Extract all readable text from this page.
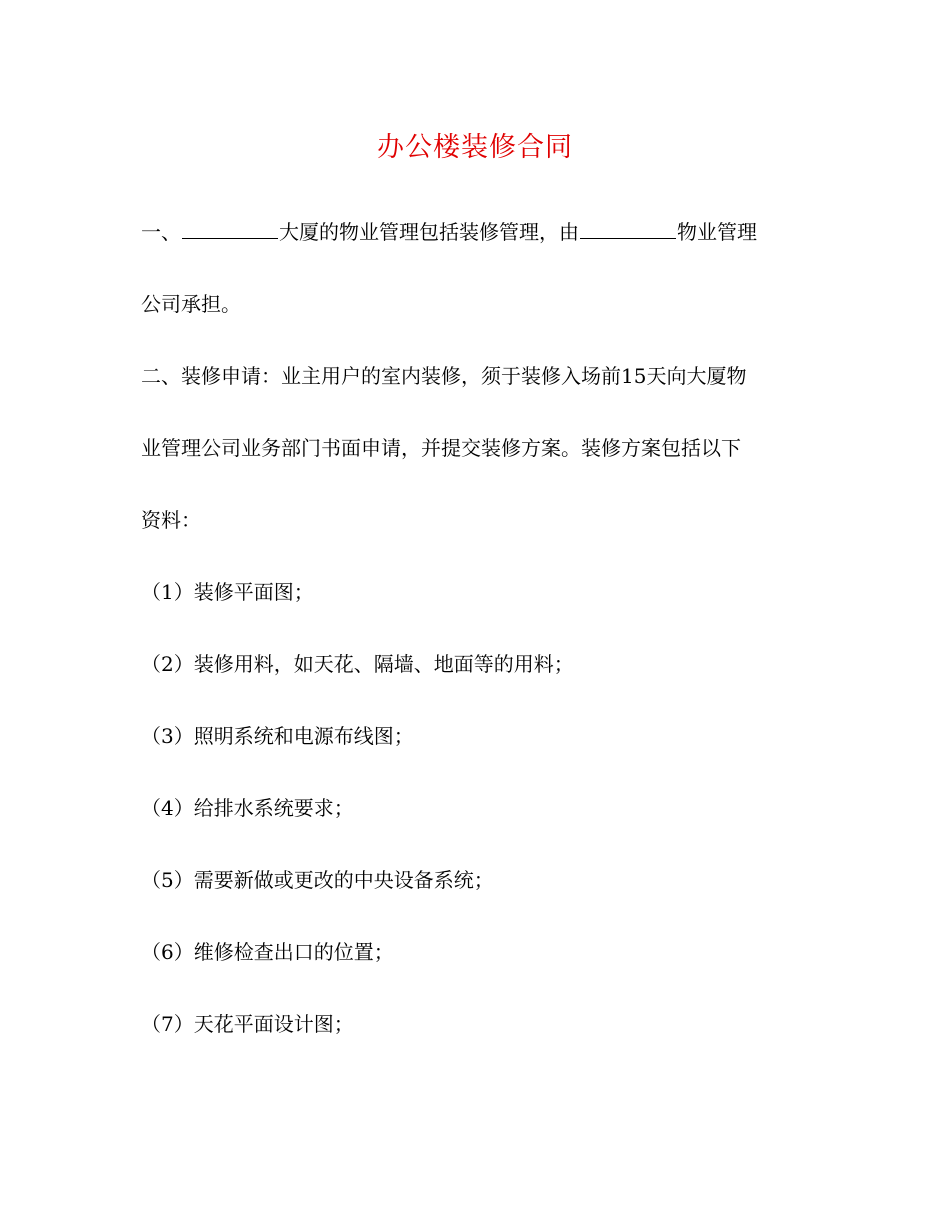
办公楼装修合同
一、	大厦的物业管理包括装修管理，由	物业管理
公司承担。
二、装修申请：业主用户的室内装修，须于装修入场前15天向大厦物
业管理公司业务部门书面申请，并提交装修方案。装修方案包括以下
资料：
（1）装修平面图；
（2）装修用料，如天花、隔墙、地面等的用料；
（3）照明系统和电源布线图；
（4）给排水系统要求；
（5）需要新做或更改的中央设备系统；
（6）维修检查出口的位置；
（7）天花平面设计图；
